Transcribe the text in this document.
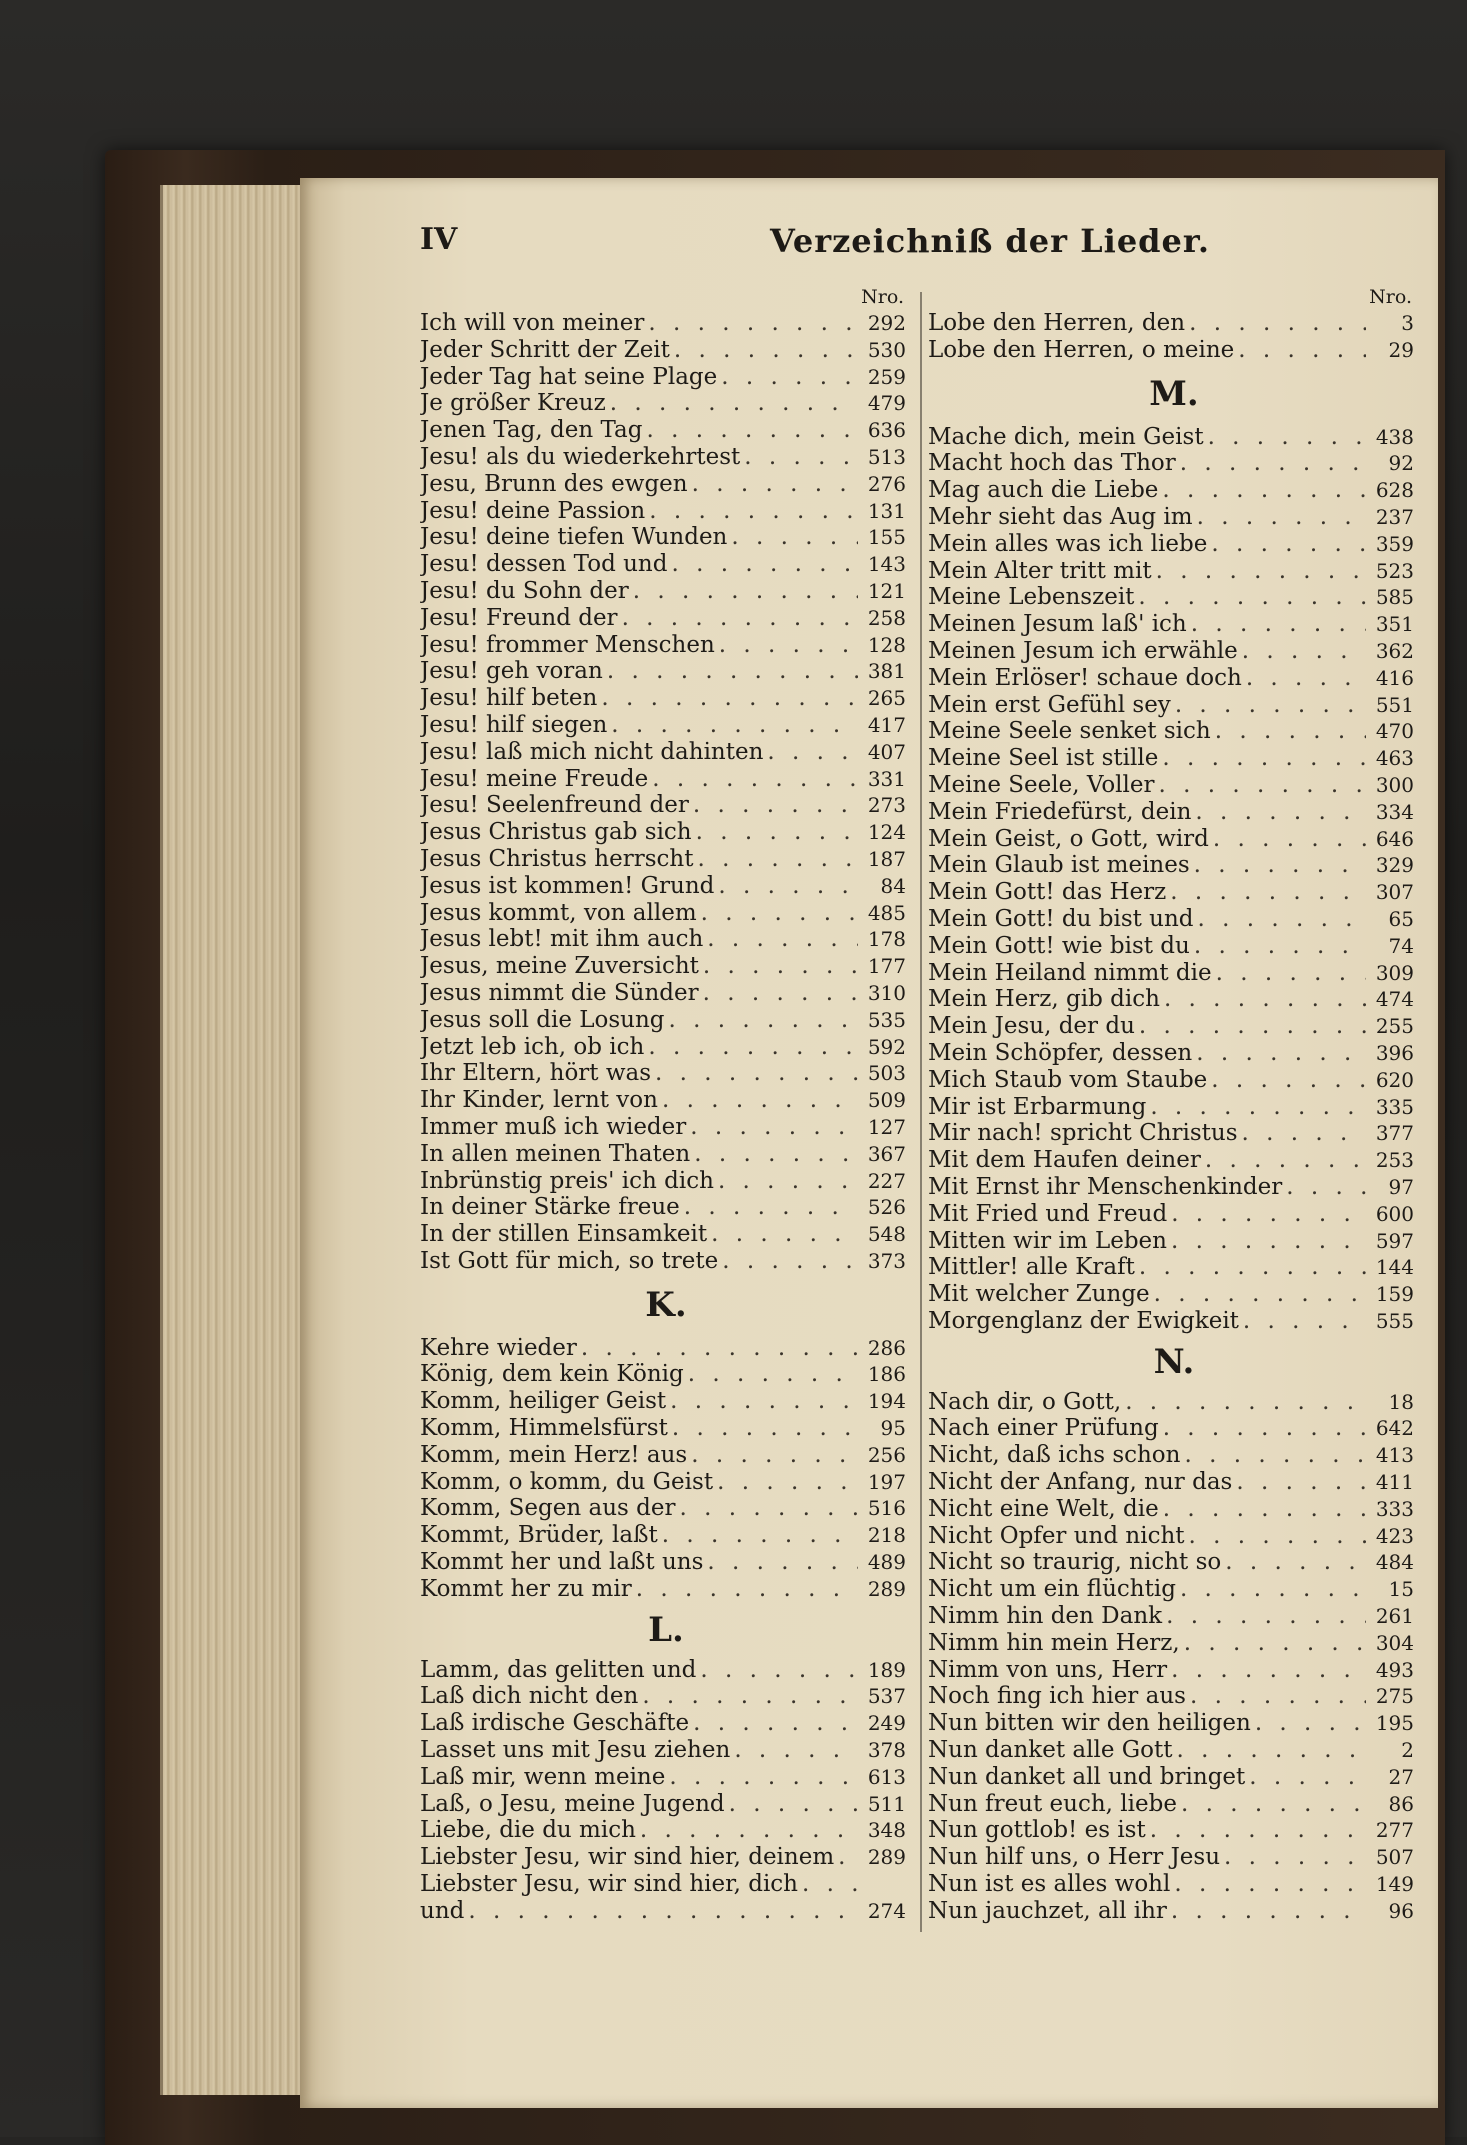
IV	Verzeichniß der Lieder.
Nro.
Ich will von meiner . . .	292
Jeder Schritt der Zeit . . .	530
Jeder Tag hat seine Plage . . .	259
Je größer Kreuz . . .	479
Jenen Tag, den Tag . . .	636
Jesu! als du wiederkehrtest . . .	513
Jesu, Brunn des ewgen . . .	276
Jesu! deine Passion . . .	131
Jesu! deine tiefen Wunden . . .	155
Jesu! dessen Tod und . . .	143
Jesu! du Sohn der . . .	121
Jesu! Freund der . . .	258
Jesu! frommer Menschen . . .	128
Jesu! geh voran . . .	381
Jesu! hilf beten . . .	265
Jesu! hilf siegen . . .	417
Jesu! laß mich nicht dahinten . . .	407
Jesu! meine Freude . . .	331
Jesu! Seelenfreund der . . .	273
Jesus Christus gab sich . . .	124
Jesus Christus herrscht . . .	187
Jesus ist kommen! Grund . . .	84
Jesus kommt, von allem . . .	485
Jesus lebt! mit ihm auch . . .	178
Jesus, meine Zuversicht . . .	177
Jesus nimmt die Sünder . . .	310
Jesus soll die Losung . . .	535
Jetzt leb ich, ob ich . . .	592
Ihr Eltern, hört was . . .	503
Ihr Kinder, lernt von . . .	509
Immer muß ich wieder . . .	127
In allen meinen Thaten . . .	367
Inbrünstig preis' ich dich . . .	227
In deiner Stärke freue . . .	526
In der stillen Einsamkeit . . .	548
Ist Gott für mich, so trete . . .	373
K.
Kehre wieder . . .	286
König, dem kein König . . .	186
Komm, heiliger Geist . . .	194
Komm, Himmelsfürst . . .	95
Komm, mein Herz! aus . . .	256
Komm, o komm, du Geist . . .	197
Komm, Segen aus der . . .	516
Kommt, Brüder, laßt . . .	218
Kommt her und laßt uns . . .	489
Kommt her zu mir . . .	289
L.
Lamm, das gelitten und . . .	189
Laß dich nicht den . . .	537
Laß irdische Geschäfte . . .	249
Lasset uns mit Jesu ziehen . . .	378
Laß mir, wenn meine . . .	613
Laß, o Jesu, meine Jugend . . .	511
Liebe, die du mich . . .	348
Liebster Jesu, wir sind hier, deinem . . .	289
Liebster Jesu, wir sind hier, dich
. . .
und . . .	274
Nro.
Lobe den Herren, den . . .	3
Lobe den Herren, o meine . . .	29
M.
Mache dich, mein Geist . . .	438
Macht hoch das Thor . . .	92
Mag auch die Liebe . . .	628
Mehr sieht das Aug im . . .	237
Mein alles was ich liebe . . .	359
Mein Alter tritt mit . . .	523
Meine Lebenszeit . . .	585
Meinen Jesum laß' ich . . .	351
Meinen Jesum ich erwähle . . .	362
Mein Erlöser! schaue doch . . .	416
Mein erst Gefühl sey . . .	551
Meine Seele senket sich . . .	470
Meine Seel ist stille . . .	463
Meine Seele, Voller . . .	300
Mein Friedefürst, dein . . .	334
Mein Geist, o Gott, wird . . .	646
Mein Glaub ist meines . . .	329
Mein Gott! das Herz . . .	307
Mein Gott! du bist und . . .	65
Mein Gott! wie bist du . . .	74
Mein Heiland nimmt die . . .	309
Mein Herz, gib dich . . .	474
Mein Jesu, der du . . .	255
Mein Schöpfer, dessen . . .	396
Mich Staub vom Staube . . .	620
Mir ist Erbarmung . . .	335
Mir nach! spricht Christus . . .	377
Mit dem Haufen deiner . . .	253
Mit Ernst ihr Menschenkinder . . .	97
Mit Fried und Freud . . .	600
Mitten wir im Leben . . .	597
Mittler! alle Kraft . . .	144
Mit welcher Zunge . . .	159
Morgenglanz der Ewigkeit . . .	555
N.
Nach dir, o Gott, . . .	18
Nach einer Prüfung . . .	642
Nicht, daß ichs schon . . .	413
Nicht der Anfang, nur das . . .	411
Nicht eine Welt, die . . .	333
Nicht Opfer und nicht . . .	423
Nicht so traurig, nicht so . . .	484
Nicht um ein flüchtig . . .	15
Nimm hin den Dank . . .	261
Nimm hin mein Herz, . . .	304
Nimm von uns, Herr . . .	493
Noch fing ich hier aus . . .	275
Nun bitten wir den heiligen . . .	195
Nun danket alle Gott . . .	2
Nun danket all und bringet . . .	27
Nun freut euch, liebe . . .	86
Nun gottlob! es ist . . .	277
Nun hilf uns, o Herr Jesu . . .	507
Nun ist es alles wohl . . .	149
Nun jauchzet, all ihr . . .	96
